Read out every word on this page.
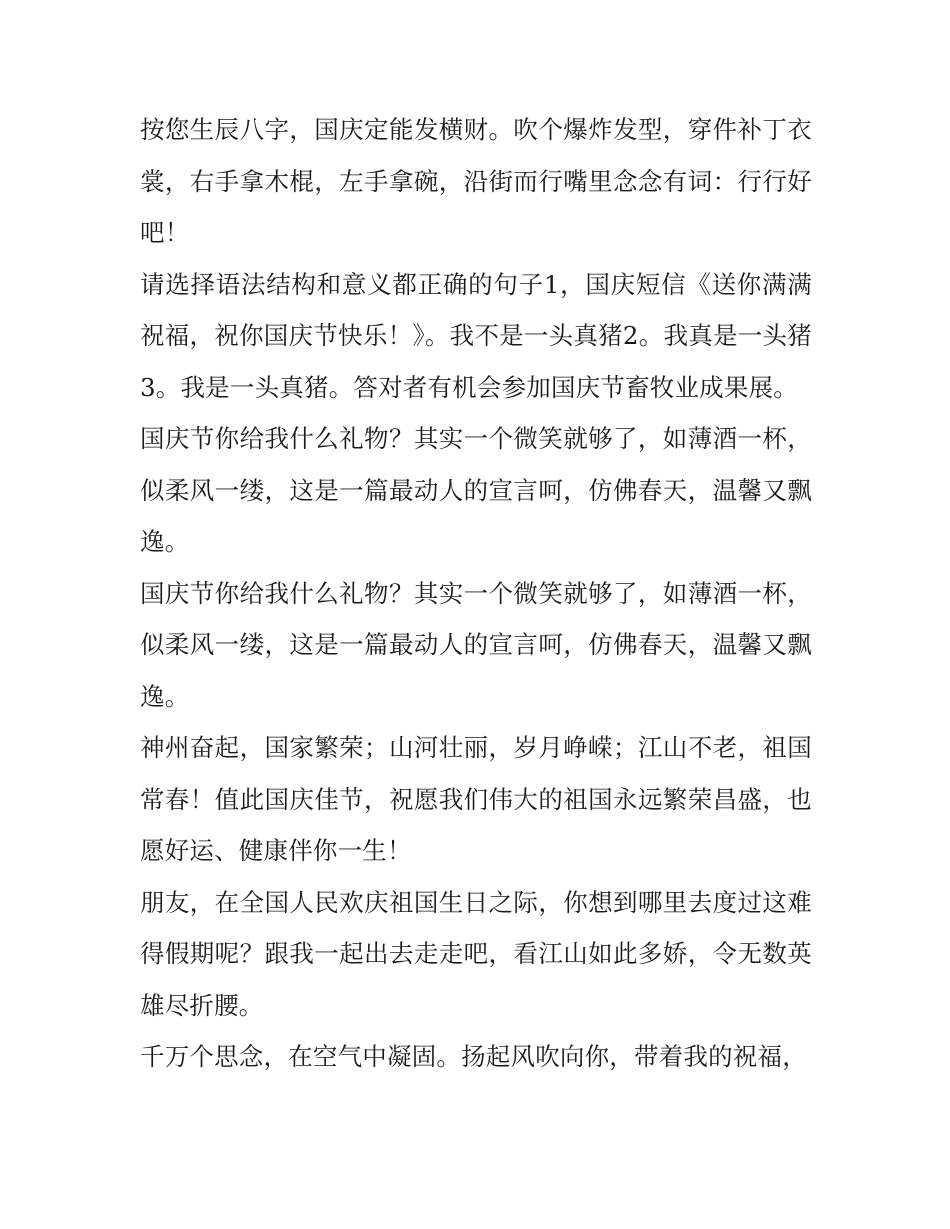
按您生辰八字，国庆定能发横财。吹个爆炸发型，穿件补丁衣裳，右手拿木棍，左手拿碗，沿街而行嘴里念念有词：行行好吧！

请选择语法结构和意义都正确的句子1，国庆短信《送你满满祝福，祝你国庆节快乐！》。我不是一头真猪2。我真是一头猪3。我是一头真猪。答对者有机会参加国庆节畜牧业成果展。

国庆节你给我什么礼物？其实一个微笑就够了，如薄酒一杯，似柔风一缕，这是一篇最动人的宣言呵，仿佛春天，温馨又飘逸。

国庆节你给我什么礼物？其实一个微笑就够了，如薄酒一杯，似柔风一缕，这是一篇最动人的宣言呵，仿佛春天，温馨又飘逸。

神州奋起，国家繁荣；山河壮丽，岁月峥嵘；江山不老，祖国常春！值此国庆佳节，祝愿我们伟大的祖国永远繁荣昌盛，也愿好运、健康伴你一生！

朋友，在全国人民欢庆祖国生日之际，你想到哪里去度过这难得假期呢？跟我一起出去走走吧，看江山如此多娇，令无数英雄尽折腰。

千万个思念，在空气中凝固。扬起风吹向你，带着我的祝福，
